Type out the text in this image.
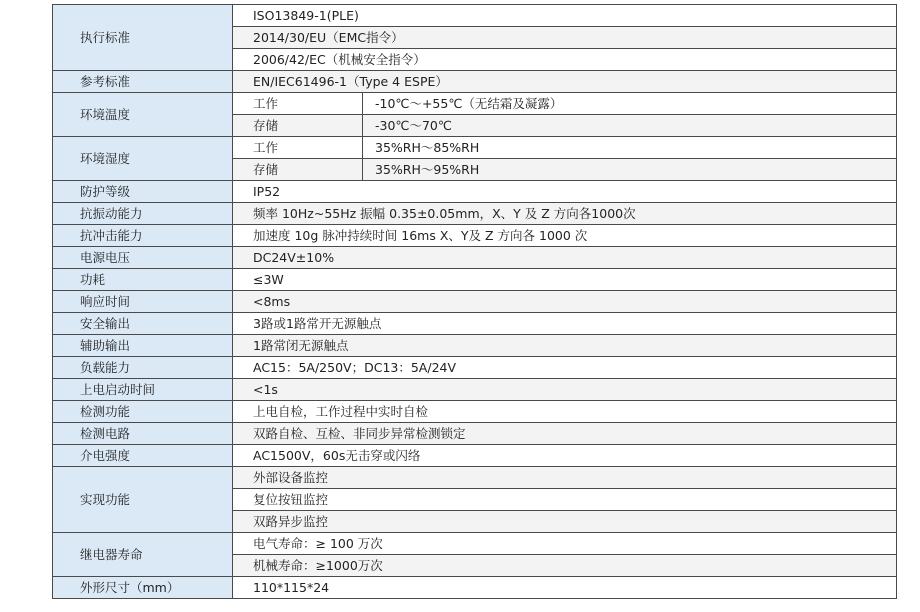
执行标准	ISO13849-1(PLE)	
	2014/30/EU（EMC指令）	
	2006/42/EC（机械安全指令）	
参考标准	EN/IEC61496-1（Type 4 ESPE）	
环境温度	工作	-10℃～+55℃（无结霜及凝露）
	存储	-30℃～70℃
环境湿度	工作	35%RH～85%RH
	存储	35%RH～95%RH
防护等级	IP52	
抗振动能力	频率 10Hz~55Hz 振幅 0.35±0.05mm，X、Y 及 Z 方向各1000次	
抗冲击能力	加速度 10g 脉冲持续时间 16ms X、Y及 Z 方向各 1000 次	
电源电压	DC24V±10%	
功耗	≤3W	
响应时间	<8ms	
安全输出	3路或1路常开无源触点	
辅助输出	1路常闭无源触点	
负载能力	AC15：5A/250V；DC13：5A/24V	
上电启动时间	<1s	
检测功能	上电自检，工作过程中实时自检	
检测电路	双路自检、互检、非同步异常检测锁定	
介电强度	AC1500V，60s无击穿或闪络	
实现功能	外部设备监控	
	复位按钮监控	
	双路异步监控	
继电器寿命	电气寿命：≥ 100 万次	
	机械寿命：≥1000万次	
外形尺寸（mm）	110*115*24	
